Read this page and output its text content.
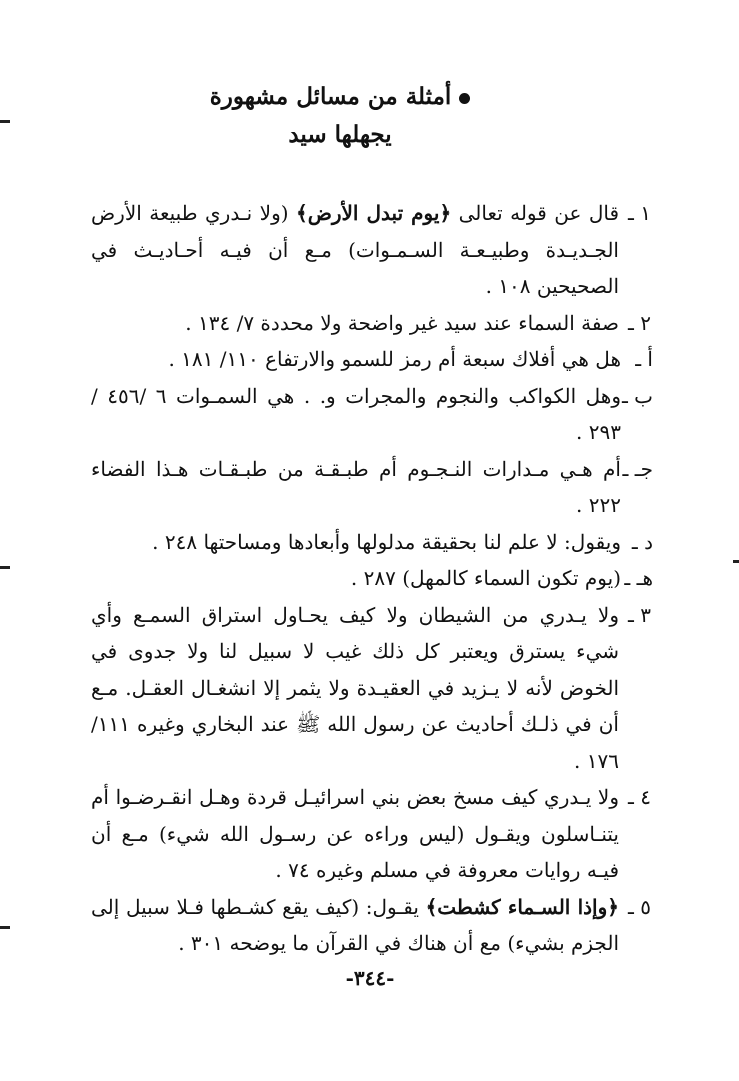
أمثلة من مسائل مشهورة
يجهلها سيد

١ ـ
قال عن قوله تعالى ﴿يوم تبدل الأرض﴾ (ولا نـدري طبيعة الأرض الجـديـدة وطبيـعـة السـمـوات) مـع أن فيـه أحـاديـث في الصحيحين ١٠٨ .

٢ ـ
صفة السماء عند سيد غير واضحة ولا محددة ٧/ ١٣٤ .

أ ـ
هل هي أفلاك سبعة أم رمز للسمو والارتفاع ١١٠/ ١٨١ .

ب ـ
وهل الكواكب والنجوم والمجرات و. . هي السمـوات ٦ /٤٥٦ / ٢٩٣ .

جـ ـ
أم هـي مـدارات النـجـوم أم طبـقـة من طبـقـات هـذا الفضاء ٢٢٢ .

د ـ
ويقول: لا علم لنا بحقيقة مدلولها وأبعادها ومساحتها ٢٤٨ .

هـ ـ
(يوم تكون السماء كالمهل) ٢٨٧ .

٣ ـ
ولا يـدري من الشيطان ولا كيف يحـاول استراق السمـع وأي شيء يسترق ويعتبر كل ذلك غيب لا سبيل لنا ولا جدوى في الخوض لأنه لا يـزيد في العقيـدة ولا يثمر إلا انشغـال العقـل. مـع أن في ذلـك أحاديث عن رسول الله ﷺ عند البخاري وغيره ١١١/ ١٧٦ .

٤ ـ
ولا يـدري كيف مسخ بعض بني اسرائيـل قردة وهـل انقـرضـوا أم يتنـاسلون ويقـول (ليس وراءه عن رسـول الله شيء) مـع أن فيـه روايات معروفة في مسلم وغيره ٧٤ .

٥ ـ
﴿وإذا السـماء كشطت﴾ يقـول: (كيف يقع كشـطها فـلا سبيل إلى الجزم بشيء) مع أن هناك في القرآن ما يوضحه ٣٠١ .

-٣٤٤-
